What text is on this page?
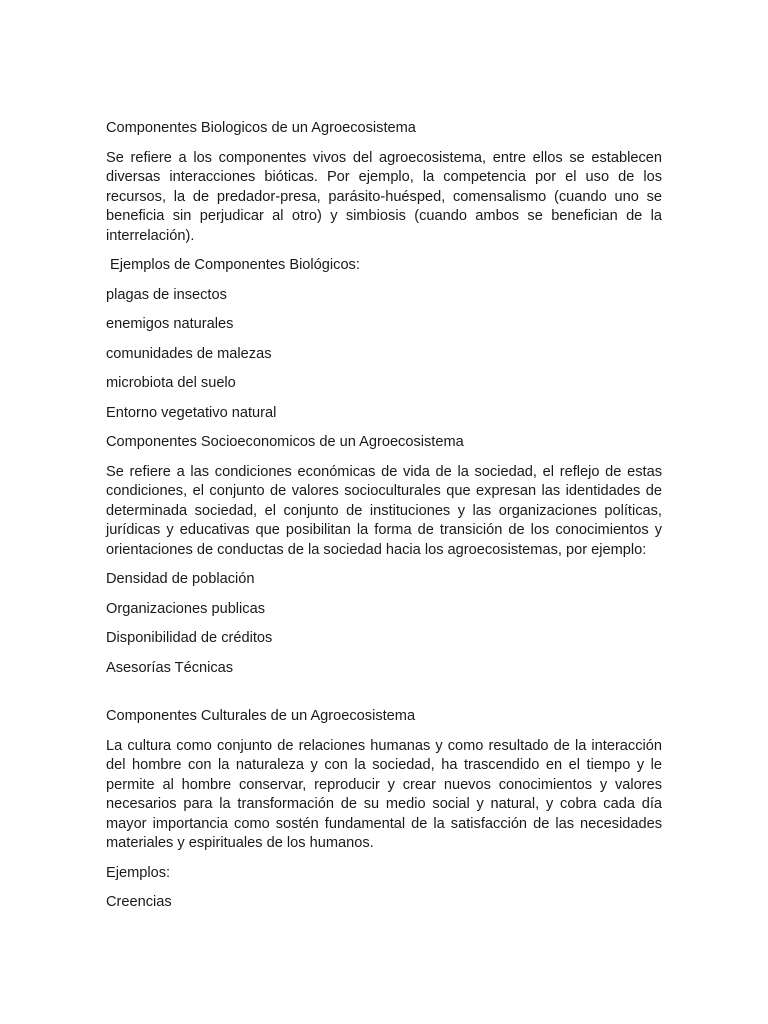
Componentes Biologicos de un Agroecosistema

Se refiere a los componentes vivos del agroecosistema, entre ellos se establecen diversas interacciones bióticas. Por ejemplo, la competencia por el uso de los recursos, la de predador-presa, parásito-huésped, comensalismo (cuando uno se beneficia sin perjudicar al otro) y simbiosis (cuando ambos se benefician de la interrelación).

Ejemplos de Componentes Biológicos:

plagas de insectos

enemigos naturales

comunidades de malezas

microbiota del suelo

Entorno vegetativo natural

Componentes Socioeconomicos de un Agroecosistema

Se refiere a las condiciones económicas de vida de la sociedad, el reflejo de estas condiciones, el conjunto de valores socioculturales que expresan las identidades de determinada sociedad, el conjunto de instituciones y las organizaciones políticas, jurídicas y educativas que posibilitan la forma de transición de los conocimientos y orientaciones de conductas de la sociedad hacia los agroecosistemas, por ejemplo:

Densidad de población

Organizaciones publicas

Disponibilidad de créditos

Asesorías Técnicas

Componentes Culturales de un Agroecosistema

La cultura como conjunto de relaciones humanas y como resultado de la interacción del hombre con la naturaleza y con la sociedad, ha trascendido en el tiempo y le permite al hombre conservar, reproducir y crear nuevos conocimientos y valores necesarios para la transformación de su medio social y natural, y cobra cada día mayor importancia como sostén fundamental de la satisfacción de las necesidades materiales y espirituales de los humanos.

Ejemplos:

Creencias
